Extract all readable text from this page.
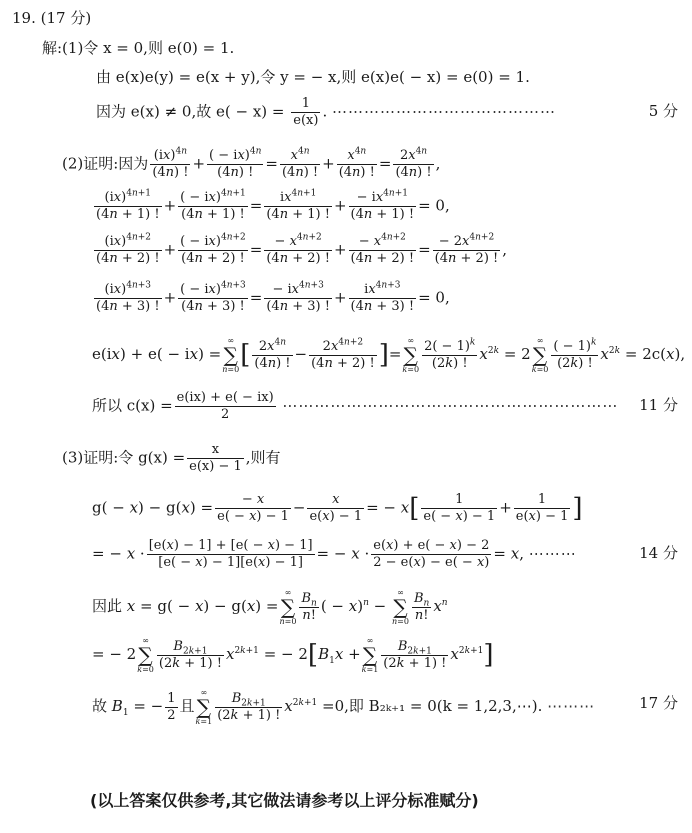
19. (17 分)
解:(1)令 x = 0,则 e(0) = 1.
由 e(x)e(y) = e(x + y),令 y = − x,则 e(x)e( − x) = e(0) = 1.
因为 e(x) ≠ 0,故 $e( - x) = \frac{1}{e(x)}$ . ⋯⋯⋯⋯⋯⋯⋯⋯⋯⋯⋯⋯⋯⋯	5 分
(2)证明:因为 $\frac{(ix)^{4n}}{(4n) !} + \frac{( - ix)^{4n}}{(4n) !} = \frac{x^{4n}}{(4n) !} + \frac{x^{4n}}{(4n) !} = \frac{2x^{4n}}{(4n) !}$ ,
$\frac{(ix)^{4n+1}}{(4n + 1) !} + \frac{( - ix)^{4n+1}}{(4n + 1) !} = \frac{ix^{4n+1}}{(4n + 1) !} + \frac{- ix^{4n+1}}{(4n + 1) !} = 0$,
$\frac{(ix)^{4n+2}}{(4n + 2) !} + \frac{( - ix)^{4n+2}}{(4n + 2) !} = \frac{- x^{4n+2}}{(4n + 2) !} + \frac{- x^{4n+2}}{(4n + 2) !} = \frac{- 2x^{4n+2}}{(4n + 2) !}$ ,
$\frac{(ix)^{4n+3}}{(4n + 3) !} + \frac{( - ix)^{4n+3}}{(4n + 3) !} = \frac{- ix^{4n+3}}{(4n + 3) !} + \frac{ix^{4n+3}}{(4n + 3) !} = 0$,
e(ix) + e( − ix) =
∞
∑
n=0 [ $\frac{2x^{4n}}{(4n) !} - \frac{2x^{4n+2}}{(4n + 2) !}$ ]=
∞
∑
$k=0 \frac{2( - 1)^k}{(2k) !} x^{2k} = 2$
∞
∑
$k=0 \frac{( - 1)^k}{(2k) !} x^{2k} = 2c(x)$,
所以 $c(x) = \frac{e(ix) + e( - ix)}{2}$ ⋯⋯⋯⋯⋯⋯⋯⋯⋯⋯⋯⋯⋯⋯⋯⋯⋯⋯⋯⋯⋯ 11 分
(3)证明:令 $g(x) = \frac{x}{e(x) - 1}$ ,则有
$g( - x) - g(x) = \frac{- x}{e( - x) - 1} - \frac{x}{e(x) - 1}$ = − $x[ \frac{1}{e( - x) - 1} + \frac{1}{e(x) - 1}$ ]
= − $x \cdot \frac{[e(x) - 1] + [e( - x) - 1]}{[e( - x) - 1][e(x) - 1]}$ = − $x \cdot \frac{e(x) + e( - x) - 2}{2 - e(x) - e( - x)} = x$, ⋯⋯⋯	14 分
因此 x = g( − x) − g(x) =
∞
∑
$n=0 \frac{B_n}{n!}$ ( − x)$^n$ −
∞
∑
$n=0 \frac{B_n}{n!} x^n$
= − 2
∞
∑
$k=0 \frac{B_{2k+1}}{(2k + 1) !} x^{2k+1}$ = − $2[B_1x$ +
∞
∑
$k=1 \frac{B_{2k+1}}{(2k + 1) !} x^{2k+1}$]
故 $B_1$ = − $\frac{1}{2}$ 且
∞
∑
$k=1 \frac{B_{2k+1}}{(2k + 1) !} x^{2k+1} =0$,即 B₂ₖ₊₁ = 0(k = 1,2,3,⋯). ⋯⋯⋯	17 分
(以上答案仅供参考,其它做法请参考以上评分标准赋分)
